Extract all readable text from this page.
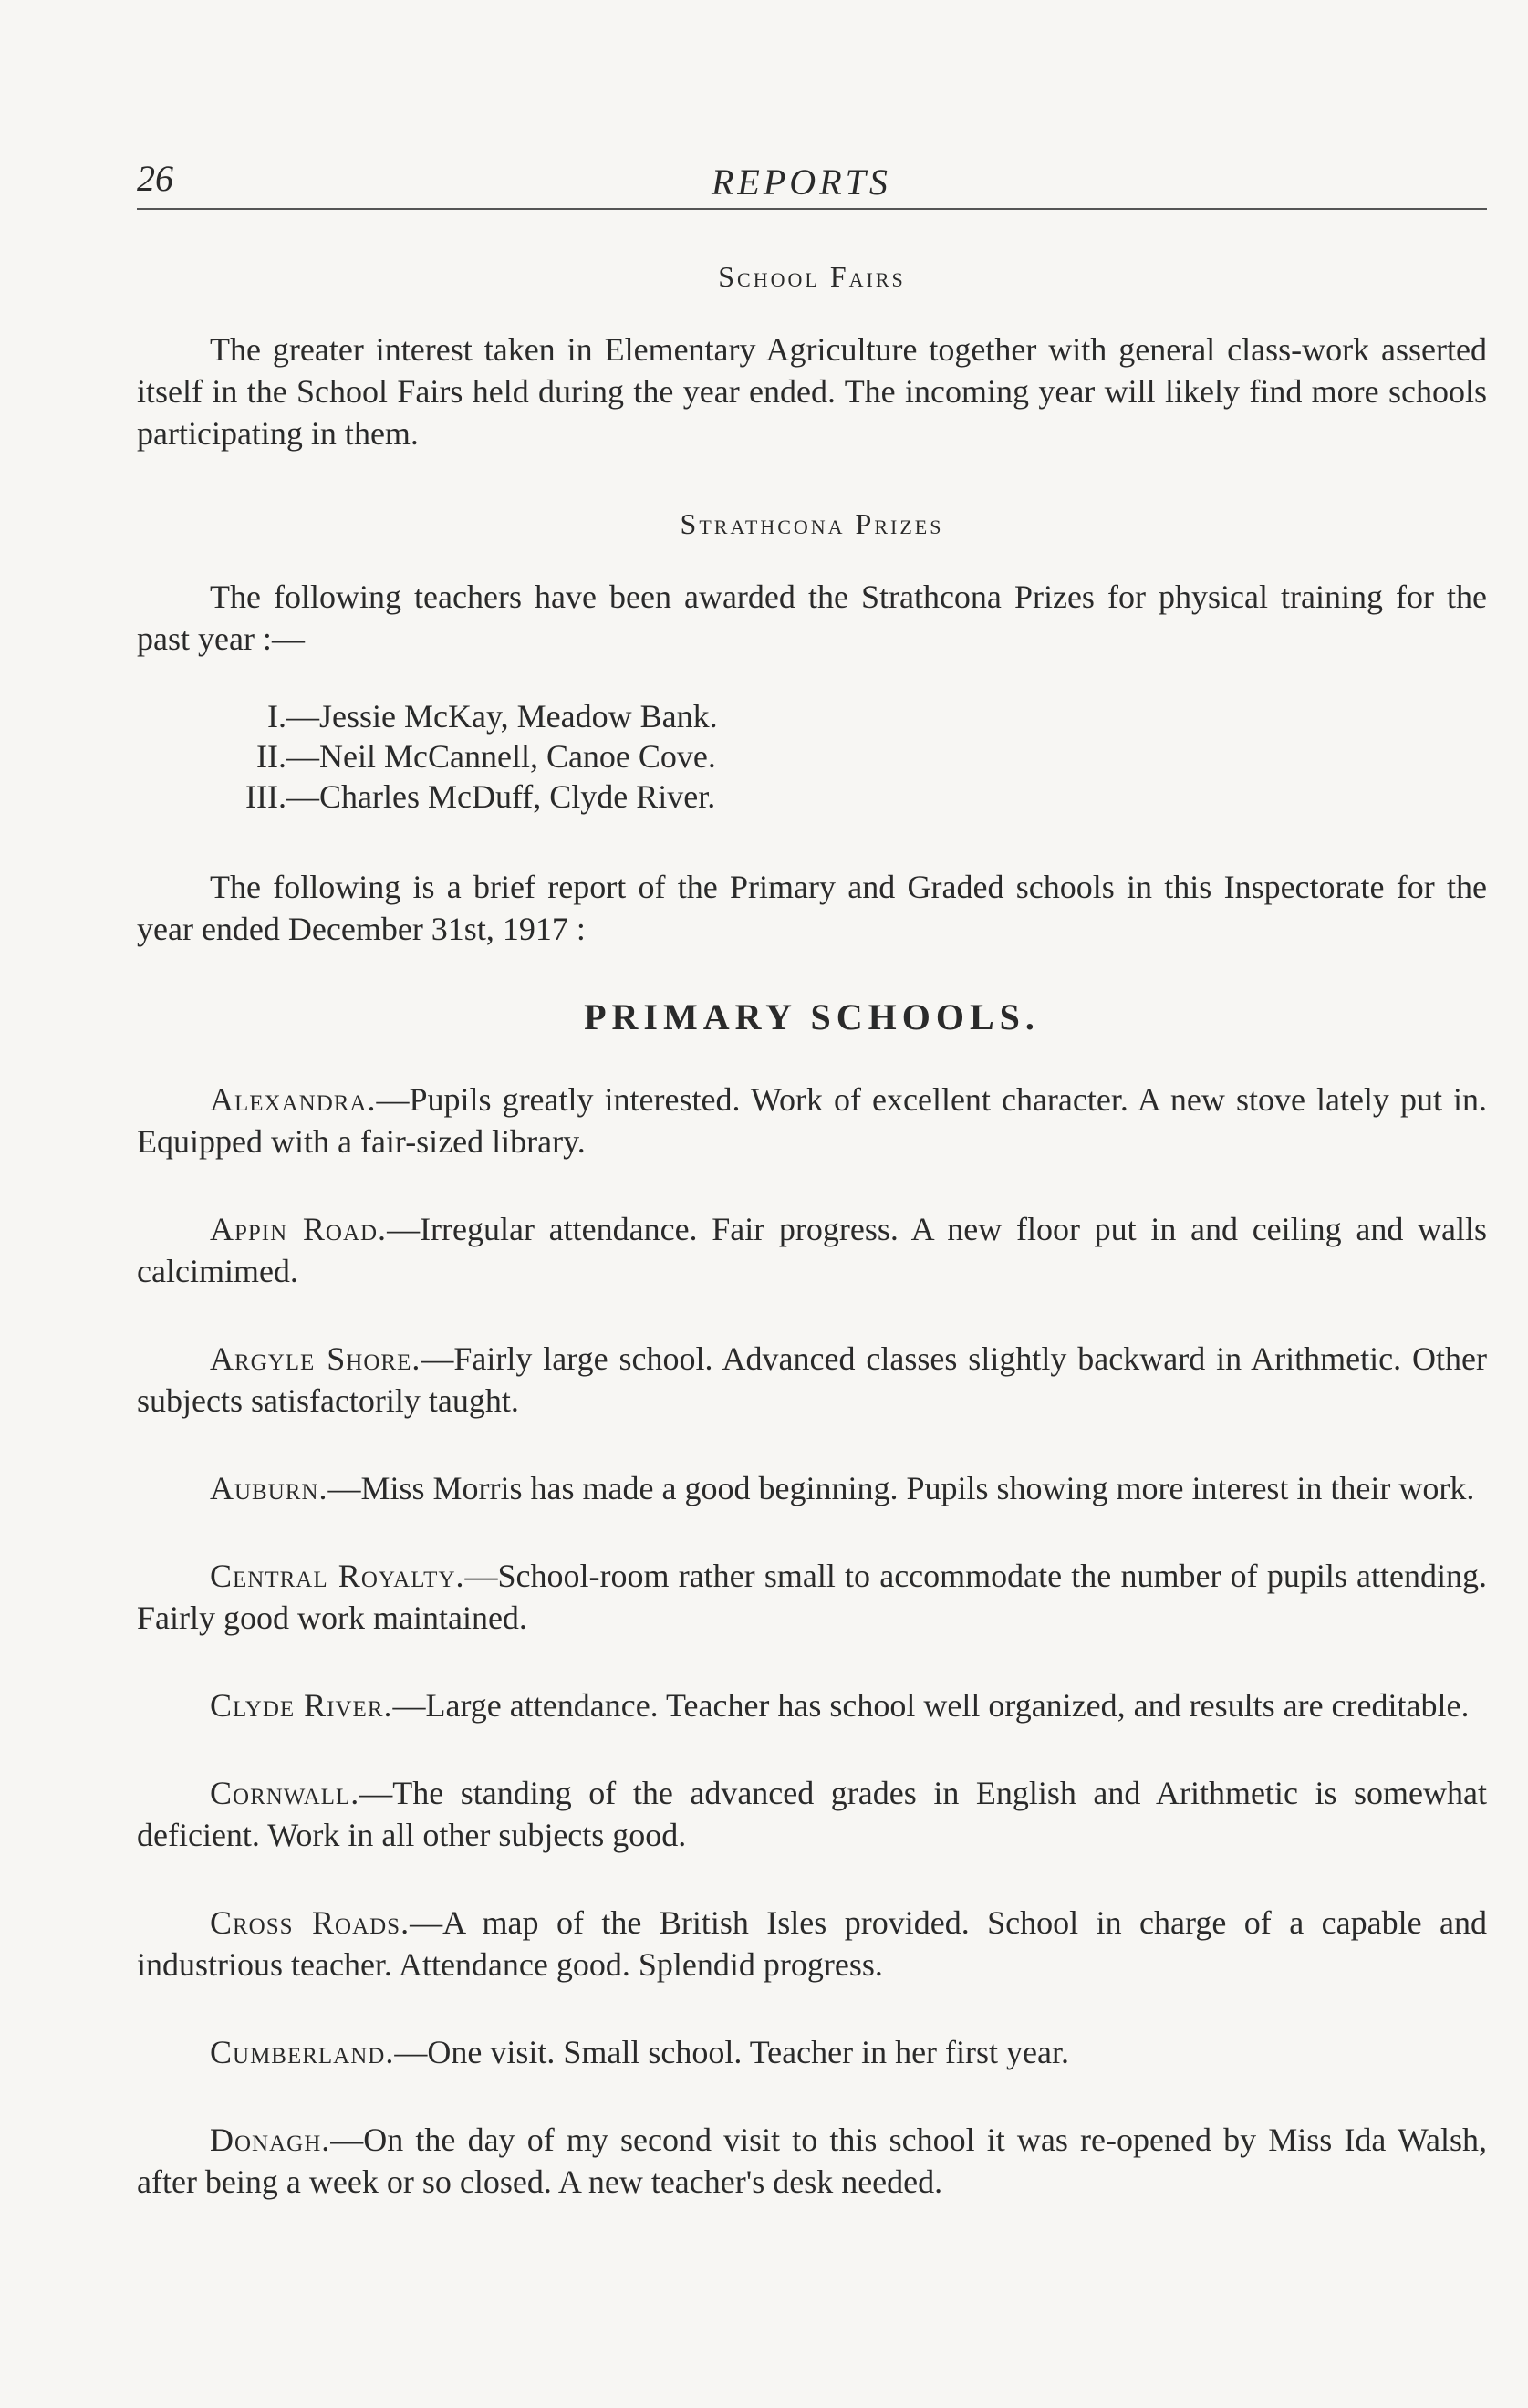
26	REPORTS
School Fairs

The greater interest taken in Elementary Agriculture together with general class-work asserted itself in the School Fairs held during the year ended. The incoming year will likely find more schools participating in them.

Strathcona Prizes

The following teachers have been awarded the Strathcona Prizes for physical training for the past year :—

I.—Jessie McKay, Meadow Bank.
II.—Neil McCannell, Canoe Cove.
III.—Charles McDuff, Clyde River.

The following is a brief report of the Primary and Graded schools in this Inspectorate for the year ended December 31st, 1917 :

PRIMARY SCHOOLS.

Alexandra.—Pupils greatly interested. Work of excellent character. A new stove lately put in. Equipped with a fair-sized library.

Appin Road.—Irregular attendance. Fair progress. A new floor put in and ceiling and walls calcimimed.

Argyle Shore.—Fairly large school. Advanced classes slightly backward in Arithmetic. Other subjects satisfactorily taught.

Auburn.—Miss Morris has made a good beginning. Pupils showing more interest in their work.

Central Royalty.—School-room rather small to accommodate the number of pupils attending. Fairly good work maintained.

Clyde River.—Large attendance. Teacher has school well organized, and results are creditable.

Cornwall.—The standing of the advanced grades in English and Arithmetic is somewhat deficient. Work in all other subjects good.

Cross Roads.—A map of the British Isles provided. School in charge of a capable and industrious teacher. Attendance good. Splendid progress.

Cumberland.—One visit. Small school. Teacher in her first year.

Donagh.—On the day of my second visit to this school it was re-opened by Miss Ida Walsh, after being a week or so closed. A new teacher's desk needed.
